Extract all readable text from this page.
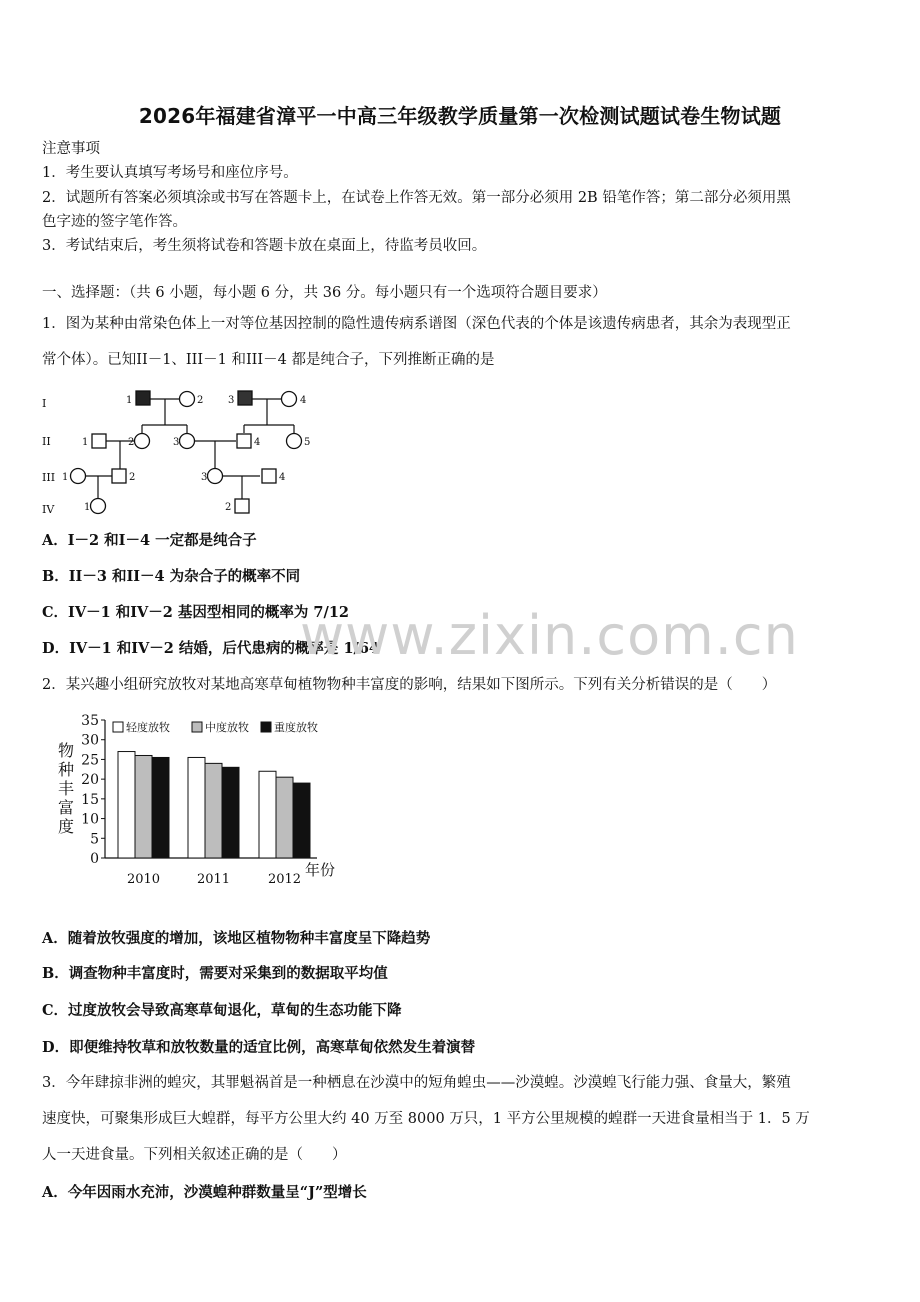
2026年福建省漳平一中高三年级教学质量第一次检测试题试卷生物试题
注意事项
1．考生要认真填写考场号和座位序号。
2．试题所有答案必须填涂或书写在答题卡上，在试卷上作答无效。第一部分必须用 2B 铅笔作答；第二部分必须用黑
色字迹的签字笔作答。
3．考试结束后，考生须将试卷和答题卡放在桌面上，待监考员收回。
一、选择题：（共 6 小题，每小题 6 分，共 36 分。每小题只有一个选项符合题目要求）
1．图为某种由常染色体上一对等位基因控制的隐性遗传病系谱图（深色代表的个体是该遗传病患者，其余为表现型正
常个体）。已知II－1、III－1 和III－4 都是纯合子，下列推断正确的是
I
II
III
IV
1	2 3	4
1	2	3	4	5
1	2	3	4
1	2
A．I－2 和I－4 一定都是纯合子
B．II－3 和II－4 为杂合子的概率不同
C．IV－1 和IV－2 基因型相同的概率为 7/12
D．IV－1 和IV－2 结婚，后代患病的概率是 1/64
www.zixin.com.cn
2．某兴趣小组研究放牧对某地高寒草甸植物物种丰富度的影响，结果如下图所示。下列有关分析错误的是（　　）
物
种
丰
富
度
0
5
10
15
20
25
30
35 轻度放牧	中度放牧 重度放牧
2010	2011	2012
年份
A．随着放牧强度的增加，该地区植物物种丰富度呈下降趋势
B．调查物种丰富度时，需要对采集到的数据取平均值
C．过度放牧会导致高寒草甸退化，草甸的生态功能下降
D．即便维持牧草和放牧数量的适宜比例，高寒草甸依然发生着演替
3．今年肆掠非洲的蝗灾，其罪魁祸首是一种栖息在沙漠中的短角蝗虫——沙漠蝗。沙漠蝗飞行能力强、食量大，繁殖
速度快，可聚集形成巨大蝗群，每平方公里大约 40 万至 8000 万只，1 平方公里规模的蝗群一天进食量相当于 1．5 万
人一天进食量。下列相关叙述正确的是（　　）
A．今年因雨水充沛，沙漠蝗种群数量呈“J”型增长
